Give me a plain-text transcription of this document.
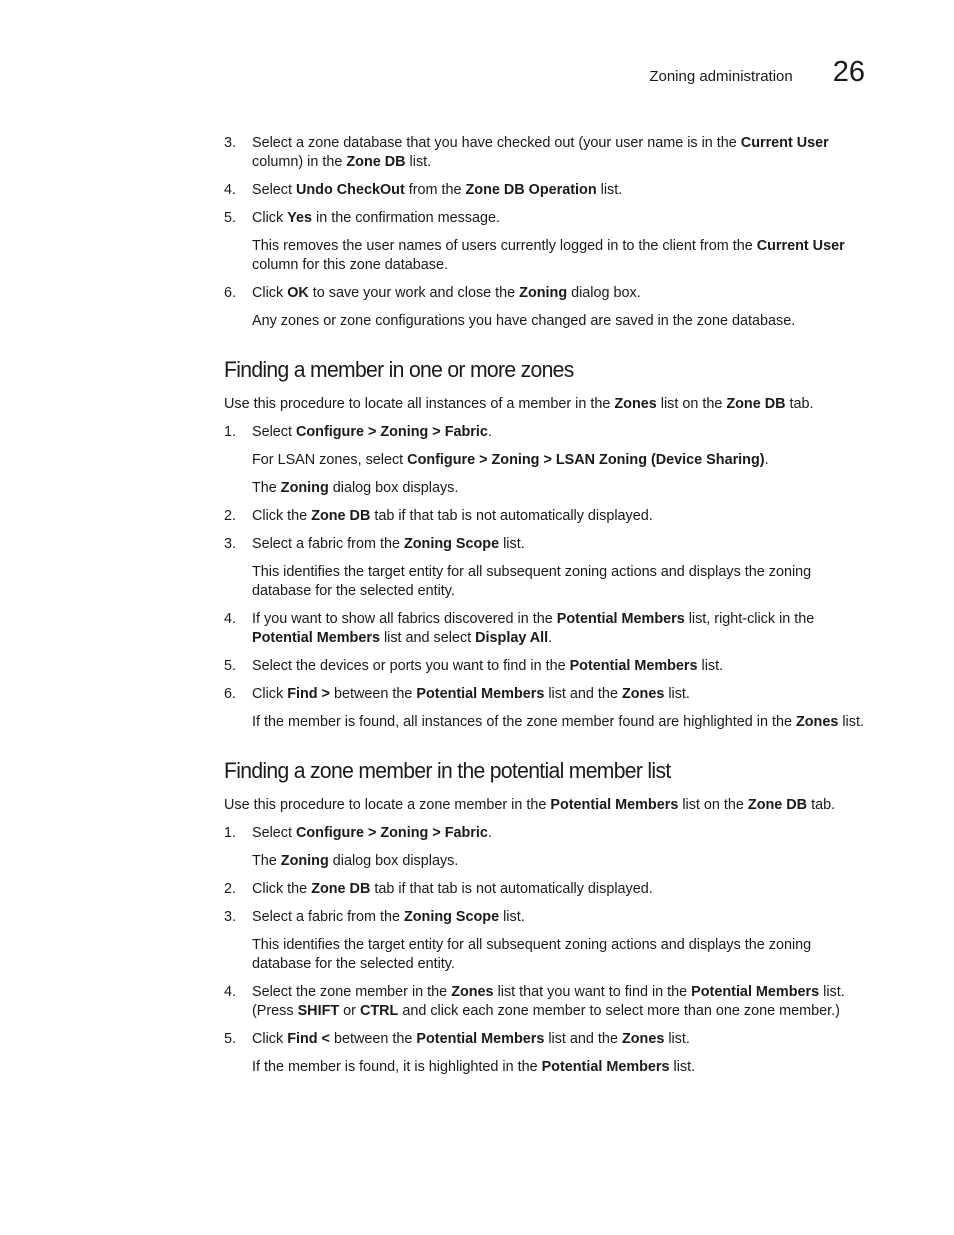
Zoning administration 26
3.	Select a zone database that you have checked out (your user name is in the Current User column) in the Zone DB list.
4.	Select Undo CheckOut from the Zone DB Operation list.
5.	Click Yes in the confirmation message.
This removes the user names of users currently logged in to the client from the Current User column for this zone database.
6.	Click OK to save your work and close the Zoning dialog box.
Any zones or zone configurations you have changed are saved in the zone database.
Finding a member in one or more zones
Use this procedure to locate all instances of a member in the Zones list on the Zone DB tab.
1.	Select Configure > Zoning > Fabric.
For LSAN zones, select Configure > Zoning > LSAN Zoning (Device Sharing).
The Zoning dialog box displays.
2.	Click the Zone DB tab if that tab is not automatically displayed.
3.	Select a fabric from the Zoning Scope list.
This identifies the target entity for all subsequent zoning actions and displays the zoning database for the selected entity.
4.	If you want to show all fabrics discovered in the Potential Members list, right-click in the Potential Members list and select Display All.
5.	Select the devices or ports you want to find in the Potential Members list.
6.	Click Find > between the Potential Members list and the Zones list.
If the member is found, all instances of the zone member found are highlighted in the Zones list.
Finding a zone member in the potential member list
Use this procedure to locate a zone member in the Potential Members list on the Zone DB tab.
1.	Select Configure > Zoning > Fabric.
The Zoning dialog box displays.
2.	Click the Zone DB tab if that tab is not automatically displayed.
3.	Select a fabric from the Zoning Scope list.
This identifies the target entity for all subsequent zoning actions and displays the zoning database for the selected entity.
4.	Select the zone member in the Zones list that you want to find in the Potential Members list. (Press SHIFT or CTRL and click each zone member to select more than one zone member.)
5.	Click Find < between the Potential Members list and the Zones list.
If the member is found, it is highlighted in the Potential Members list.
